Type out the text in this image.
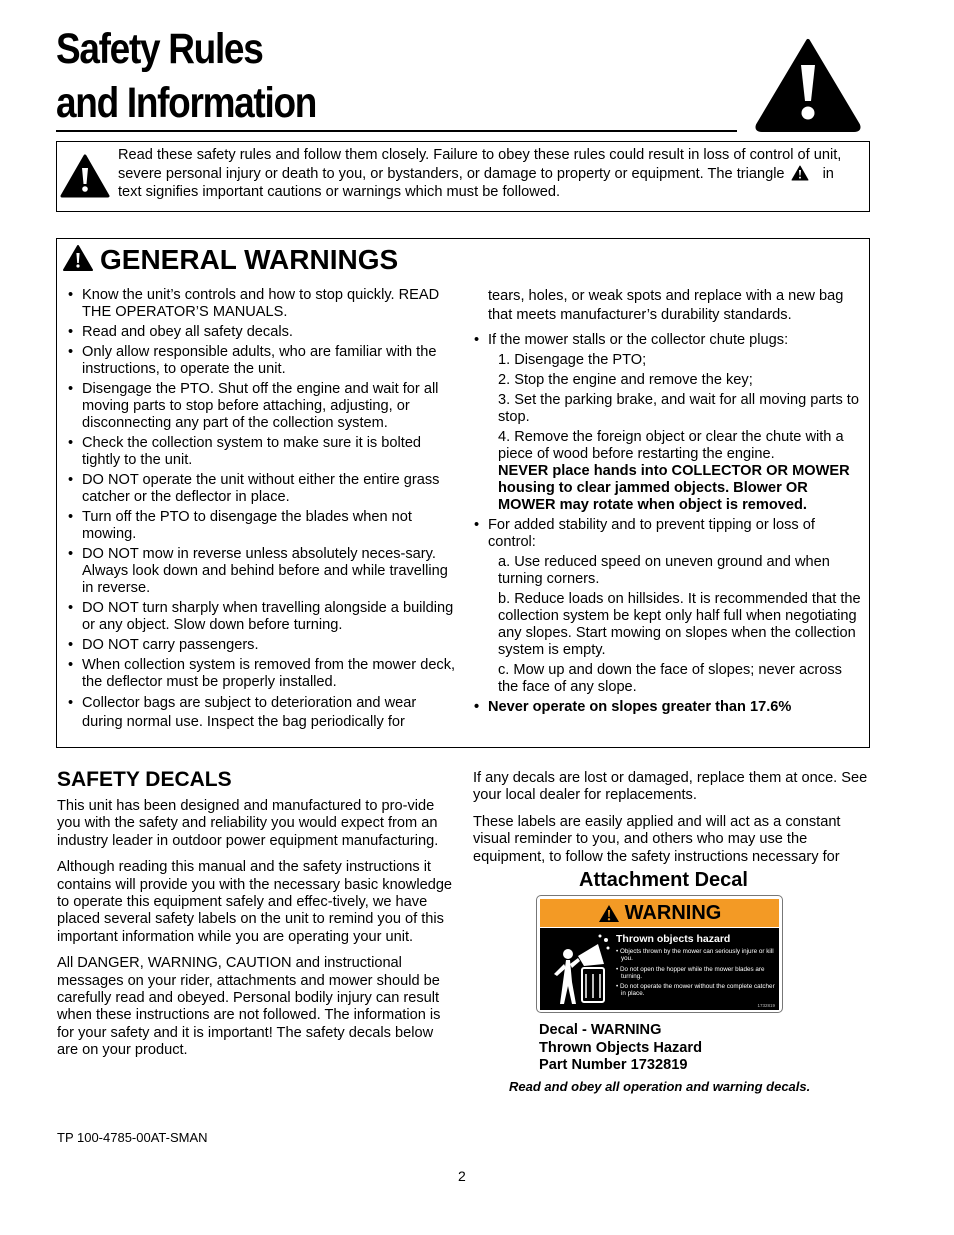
Safety Rules
and Information
Read these safety rules and follow them closely. Failure to obey these rules could result in loss of control of unit, severe personal injury or death to you, or bystanders, or damage to property or equipment. The triangle	in text signifies important cautions or warnings which must be followed.
GENERAL WARNINGS
• Know the unit’s controls and how to stop quickly. READ THE OPERATOR’S MANUALS.
• Read and obey all safety decals.
• Only allow responsible adults, who are familiar with the instructions, to operate the unit.
• Disengage the PTO. Shut off the engine and wait for all moving parts to stop before attaching, adjusting, or disconnecting any part of the collection system.
• Check the collection system to make sure it is bolted tightly to the unit.
• DO NOT operate the unit without either the entire grass catcher or the deflector in place.
• Turn off the PTO to disengage the blades when not mowing.
• DO NOT mow in reverse unless absolutely neces-sary. Always look down and behind before and while travelling in reverse.
• DO NOT turn sharply when travelling alongside a building or any object. Slow down before turning.
• DO NOT carry passengers.
• When collection system is removed from the mower deck, the deflector must be properly installed.
• Collector bags are subject to deterioration and wear during normal use. Inspect the bag periodically for
tears, holes, or weak spots and replace with a new bag that meets manufacturer’s durability standards.
• If the mower stalls or the collector chute plugs:
1. Disengage the PTO;
2. Stop the engine and remove the key;
3. Set the parking brake, and wait for all moving parts to stop.
4. Remove the foreign object or clear the chute with a piece of wood before restarting the engine.
NEVER place hands into COLLECTOR OR MOWER housing to clear jammed objects. Blower OR MOWER may rotate when object is removed.
• For added stability and to prevent tipping or loss of control:
a. Use reduced speed on uneven ground and when turning corners.
b. Reduce loads on hillsides. It is recommended that the collection system be kept only half full when negotiating any slopes. Start mowing on slopes when the collection system is empty.
c. Mow up and down the face of slopes; never across the face of any slope.
• Never operate on slopes greater than 17.6%
SAFETY DECALS

This unit has been designed and manufactured to pro-vide you with the safety and reliability you would expect from an industry leader in outdoor power equipment manufacturing.

Although reading this manual and the safety instructions it contains will provide you with the necessary basic knowledge to operate this equipment safely and effec-tively, we have placed several safety labels on the unit to remind you of this important information while you are operating your unit.

All DANGER, WARNING, CAUTION and instructional messages on your rider, attachments and mower should be carefully read and obeyed. Personal bodily injury can result when these instructions are not followed. The information is for your safety and it is important! The safety decals below are on your product.

If any decals are lost or damaged, replace them at once. See your local dealer for replacements.

These labels are easily applied and will act as a constant visual reminder to you, and others who may use the equipment, to follow the safety instructions necessary for

Attachment Decal
WARNING
Thrown objects hazard
• Objects thrown by the mower can seriously injure or kill you.
• Do not open the hopper while the mower blades are turning.
• Do not operate the mower without the complete catcher in place.
1732819
Decal - WARNING
Thrown Objects Hazard
Part Number 1732819
Read and obey all operation and warning decals.
TP 100-4785-00AT-SMAN
2
